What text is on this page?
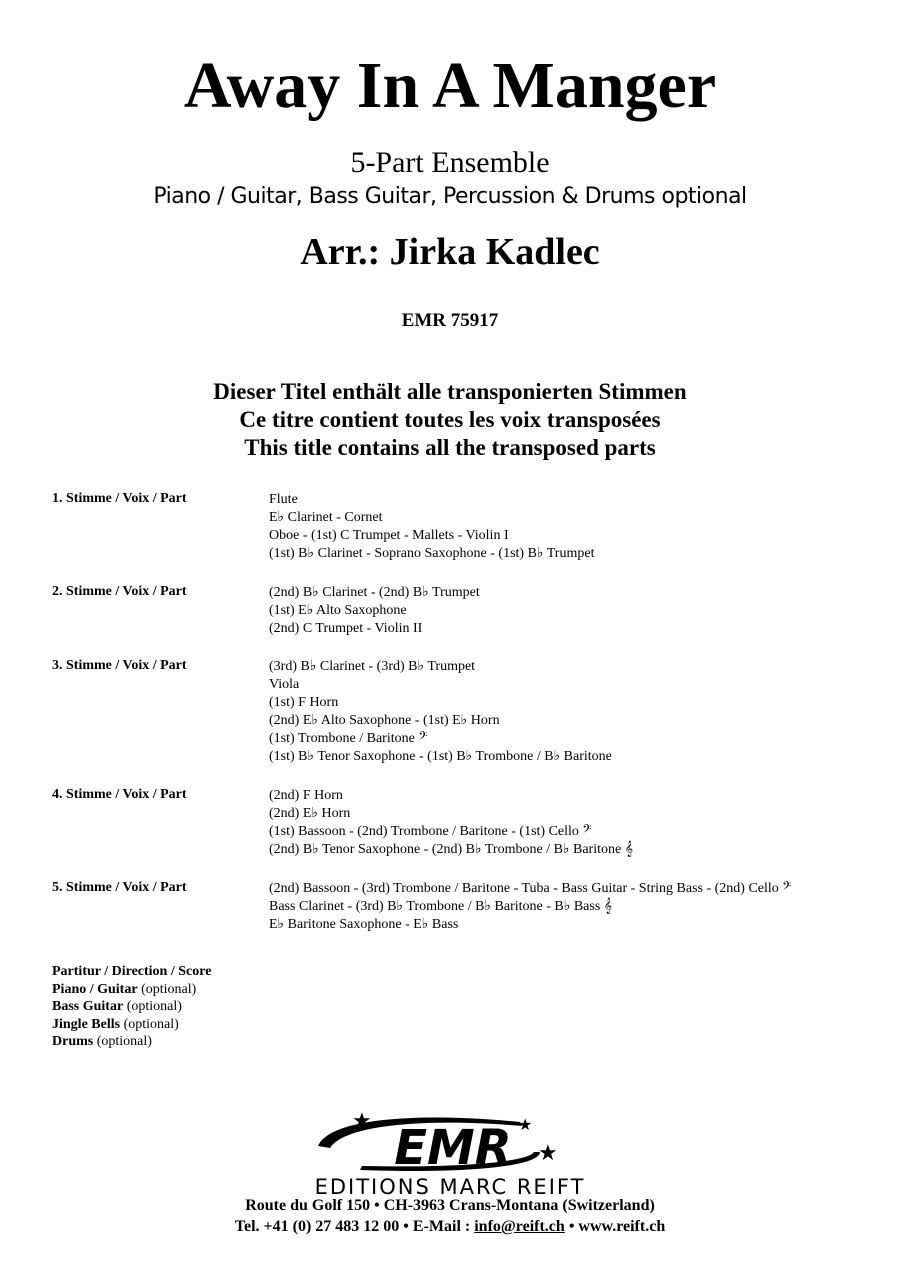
Away In A Manger
5-Part Ensemble
Piano / Guitar, Bass Guitar, Percussion & Drums optional
Arr.: Jirka Kadlec
EMR 75917
Dieser Titel enthält alle transponierten Stimmen
Ce titre contient toutes les voix transposées
This title contains all the transposed parts
1. Stimme / Voix / Part	Flute
E♭ Clarinet - Cornet
Oboe - (1st) C Trumpet - Mallets - Violin I
(1st) B♭ Clarinet - Soprano Saxophone - (1st) B♭ Trumpet
2. Stimme / Voix / Part	(2nd) B♭ Clarinet - (2nd) B♭ Trumpet
(1st) E♭ Alto Saxophone
(2nd) C Trumpet - Violin II
3. Stimme / Voix / Part	(3rd) B♭ Clarinet - (3rd) B♭ Trumpet
Viola
(1st) F Horn
(2nd) E♭ Alto Saxophone - (1st) E♭ Horn
(1st) Trombone / Baritone 𝄢
(1st) B♭ Tenor Saxophone - (1st) B♭ Trombone / B♭ Baritone
4. Stimme / Voix / Part	(2nd) F Horn
(2nd) E♭ Horn
(1st) Bassoon - (2nd) Trombone / Baritone - (1st) Cello 𝄢
(2nd) B♭ Tenor Saxophone - (2nd) B♭ Trombone / B♭ Baritone 𝄞
5. Stimme / Voix / Part	(2nd) Bassoon - (3rd) Trombone / Baritone - Tuba - Bass Guitar - String Bass - (2nd) Cello 𝄢
Bass Clarinet - (3rd) B♭ Trombone / B♭ Baritone - B♭ Bass 𝄞
E♭ Baritone Saxophone - E♭ Bass
Partitur / Direction / Score
Piano / Guitar (optional)
Bass Guitar (optional)
Jingle Bells (optional)
Drums (optional)
★	★
★
EMR
EDITIONS MARC REIFT
Route du Golf 150 • CH-3963 Crans-Montana (Switzerland)
Tel. +41 (0) 27 483 12 00 • E-Mail : info@reift.ch • www.reift.ch
